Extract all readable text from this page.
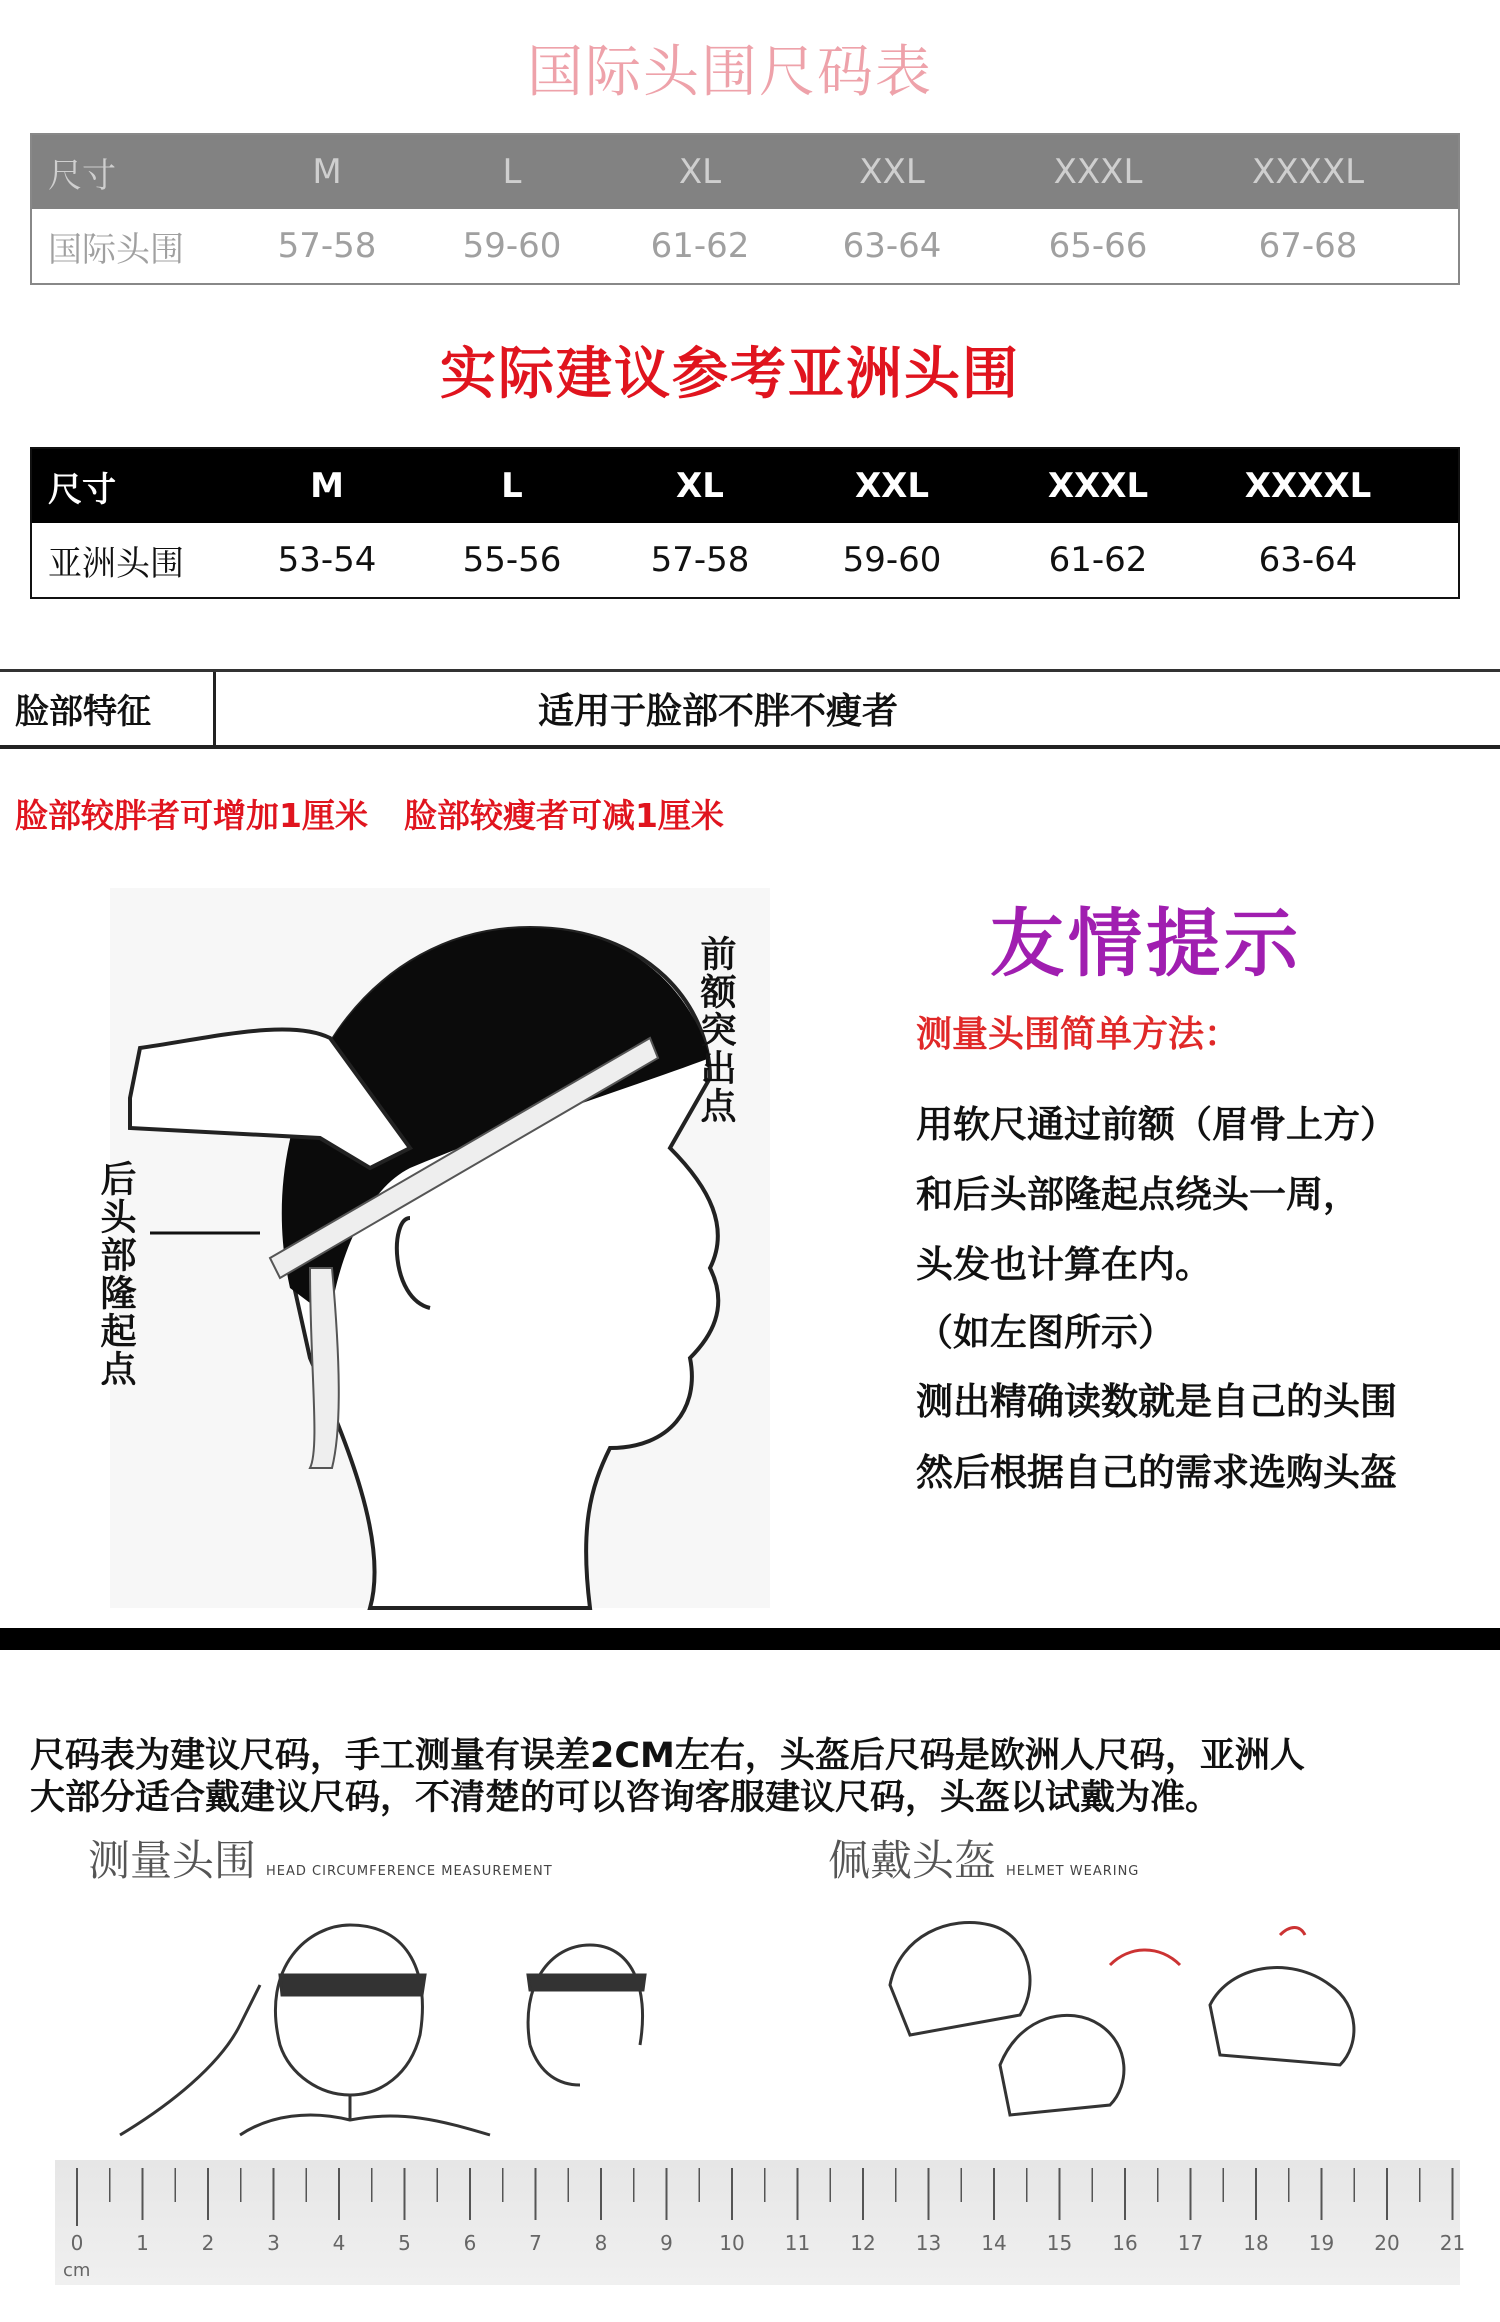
国际头围尺码表
尺寸	M	L	XL	XXL	XXXL	XXXXL
国际头围	57-58	59-60	61-62	63-64	65-66	67-68
实际建议参考亚洲头围
尺寸	M	L	XL	XXL	XXXL	XXXXL
亚洲头围	53-54	55-56	57-58	59-60	61-62	63-64
脸部特征	适用于脸部不胖不瘦者
脸部较胖者可增加1厘米 脸部较瘦者可减1厘米
前额突出点
后头部隆起点
友情提示
测量头围简单方法：
用软尺通过前额（眉骨上方）
和后头部隆起点绕头一周，
头发也计算在内。
（如左图所示）
测出精确读数就是自己的头围
然后根据自己的需求选购头盔
尺码表为建议尺码，手工测量有误差2CM左右，头盔后尺码是欧洲人尺码，亚洲人
大部分适合戴建议尺码，不清楚的可以咨询客服建议尺码，头盔以试戴为准。
测量头围 HEAD CIRCUMFERENCE MEASUREMENT	佩戴头盔 HELMET WEARING
0	1	2	3	4	5	6	7	8	9 10 11 12 13 14 15 16 17 18 19 20 21
cm
